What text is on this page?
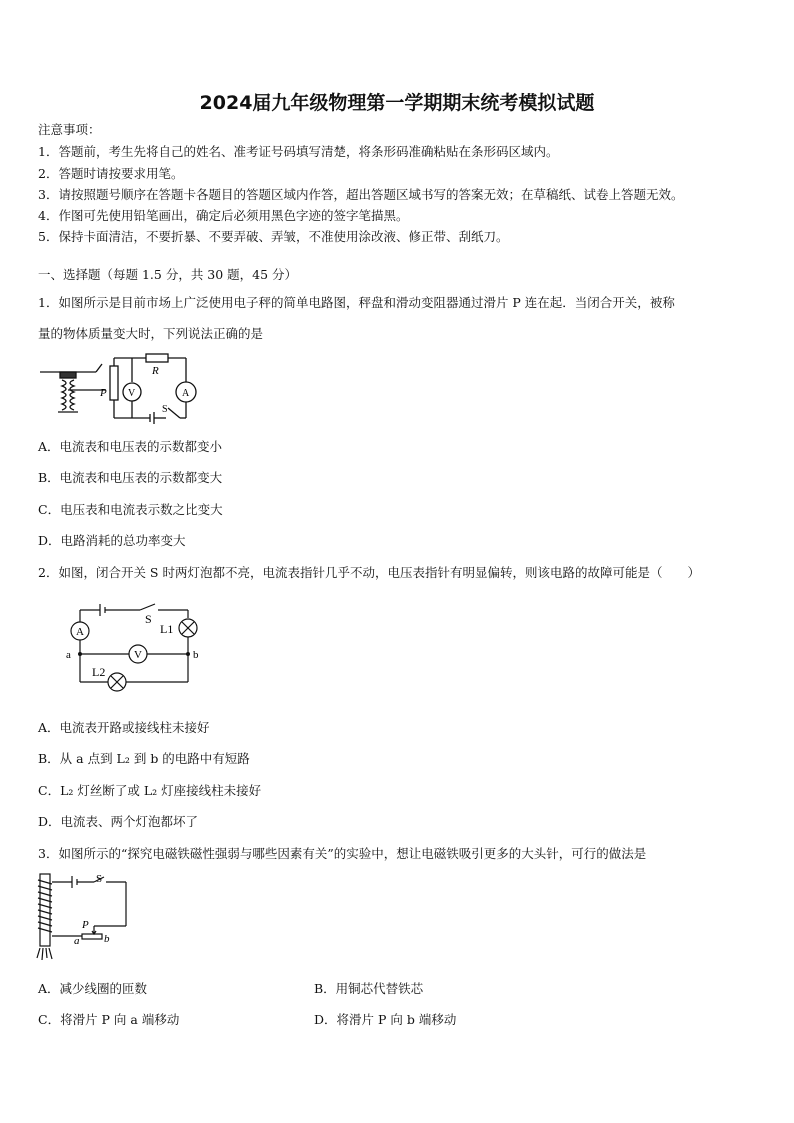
2024届九年级物理第一学期期末统考模拟试题
注意事项：
1．答题前，考生先将自己的姓名、准考证号码填写清楚，将条形码准确粘贴在条形码区域内。
2．答题时请按要求用笔。
3．请按照题号顺序在答题卡各题目的答题区域内作答，超出答题区域书写的答案无效；在草稿纸、试卷上答题无效。
4．作图可先使用铅笔画出，确定后必须用黑色字迹的签字笔描黑。
5．保持卡面清洁，不要折暴、不要弄破、弄皱，不准使用涂改液、修正带、刮纸刀。
一、选择题（每题 1.5 分，共 30 题，45 分）
1．如图所示是目前市场上广泛使用电子秤的简单电路图，秤盘和滑动变阻器通过滑片 P 连在起．当闭合开关，被称
量的物体质量变大时，下列说法正确的是
P
R
V	A
S
A．电流表和电压表的示数都变小
B．电流表和电压表的示数都变大
C．电压表和电流表示数之比变大
D．电路消耗的总功率变大
2．如图，闭合开关 S 时两灯泡都不亮，电流表指针几乎不动，电压表指针有明显偏转，则该电路的故障可能是（　　）
A
S
L1
a	b
V
L2
A．电流表开路或接线柱未接好
B．从 a 点到 L₂ 到 b 的电路中有短路
C．L₂ 灯丝断了或 L₂ 灯座接线柱未接好
D．电流表、两个灯泡都坏了
3．如图所示的“探究电磁铁磁性强弱与哪些因素有关”的实验中，想让电磁铁吸引更多的大头针，可行的做法是
S
P
a b
A．减少线圈的匝数	B．用铜芯代替铁芯
C．将滑片 P 向 a 端移动	D．将滑片 P 向 b 端移动
